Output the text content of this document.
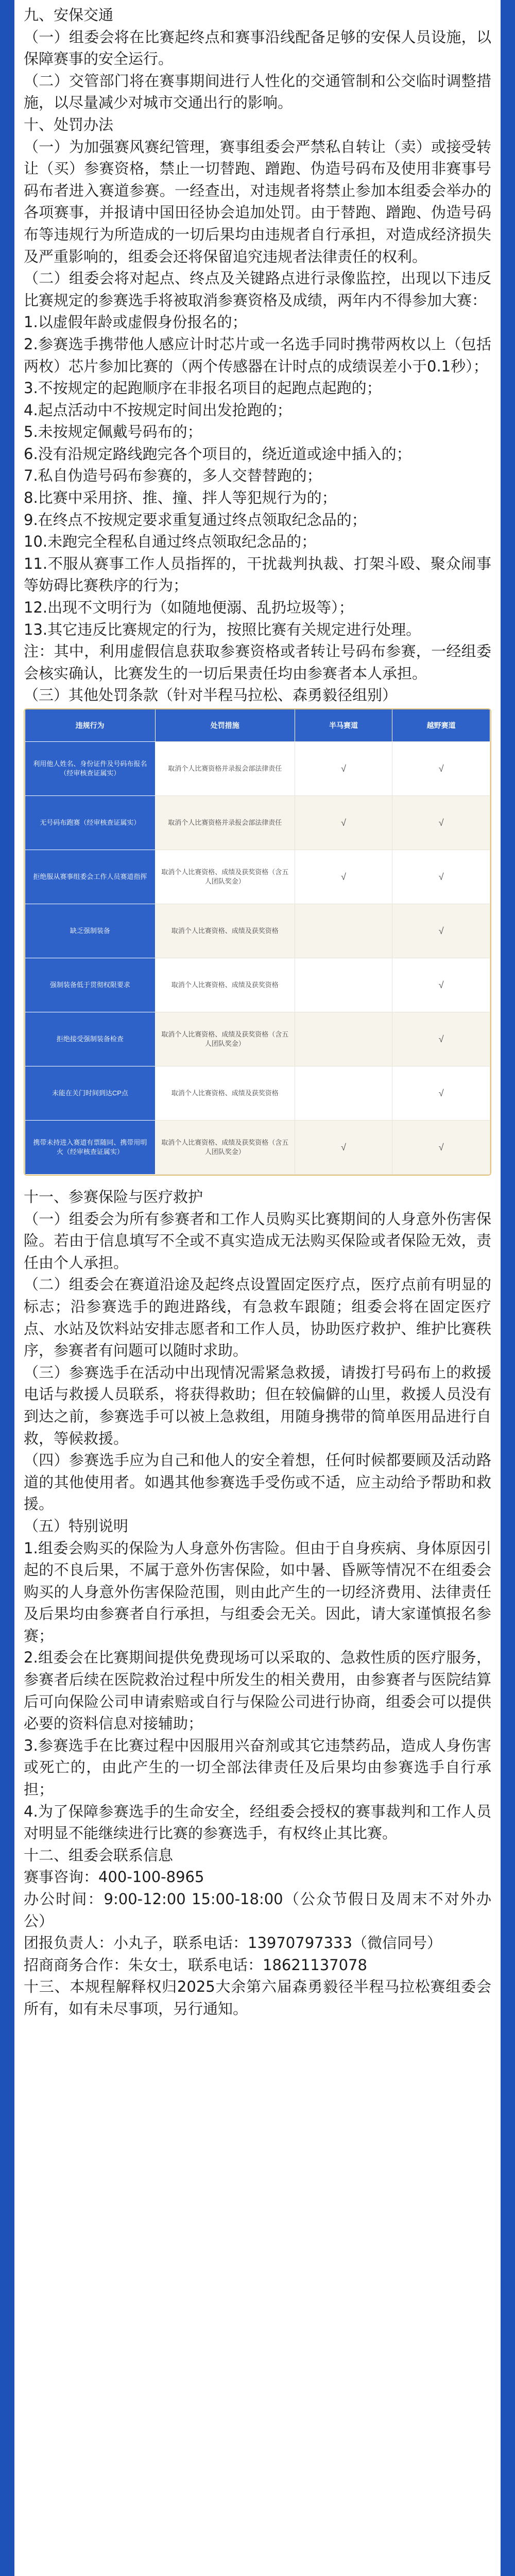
九、安保交通

（一）组委会将在比赛起终点和赛事沿线配备足够的安保人员设施，以保障赛事的安全运行。

（二）交管部门将在赛事期间进行人性化的交通管制和公交临时调整措施，以尽量减少对城市交通出行的影响。

十、处罚办法

（一）为加强赛风赛纪管理，赛事组委会严禁私自转让（卖）或接受转让（买）参赛资格，禁止一切替跑、蹭跑、伪造号码布及使用非赛事号码布者进入赛道参赛。一经查出，对违规者将禁止参加本组委会举办的各项赛事，并报请中国田径协会追加处罚。由于替跑、蹭跑、伪造号码布等违规行为所造成的一切后果均由违规者自行承担，对造成经济损失及严重影响的，组委会还将保留追究违规者法律责任的权利。

（二）组委会将对起点、终点及关键路点进行录像监控，出现以下违反比赛规定的参赛选手将被取消参赛资格及成绩，两年内不得参加大赛：

1.以虚假年龄或虚假身份报名的；

2.参赛选手携带他人感应计时芯片或一名选手同时携带两枚以上（包括两枚）芯片参加比赛的（两个传感器在计时点的成绩误差小于0.1秒）；

3.不按规定的起跑顺序在非报名项目的起跑点起跑的；

4.起点活动中不按规定时间出发抢跑的；

5.未按规定佩戴号码布的；

6.没有沿规定路线跑完各个项目的，绕近道或途中插入的；

7.私自伪造号码布参赛的，多人交替替跑的；

8.比赛中采用挤、推、撞、拌人等犯规行为的；

9.在终点不按规定要求重复通过终点领取纪念品的；

10.未跑完全程私自通过终点领取纪念品的；

11.不服从赛事工作人员指挥的，干扰裁判执裁、打架斗殴、聚众闹事等妨碍比赛秩序的行为；

12.出现不文明行为（如随地便溺、乱扔垃圾等）；

13.其它违反比赛规定的行为，按照比赛有关规定进行处理。

注：其中，利用虚假信息获取参赛资格或者转让号码布参赛，一经组委会核实确认，比赛发生的一切后果责任均由参赛者本人承担。

（三）其他处罚条款（针对半程马拉松、森勇毅径组别）

违规行为	处罚措施	半马赛道	越野赛道
利用他人姓名、身份证件及号码布报名（经审核查证属实）	取消个人比赛资格并录报会部法律责任	√	√
无号码布跑赛（经审核查证属实）	取消个人比赛资格并录报会部法律责任	√	√
拒绝服从赛事组委会工作人员赛道指挥	取消个人比赛资格、成绩及获奖资格（含五人团队奖金）	√	√
缺乏强制装备	取消个人比赛资格、成绩及获奖资格		√
强制装备低于贯彻权限要求	取消个人比赛资格、成绩及获奖资格		√
拒绝接受强制装备检查	取消个人比赛资格、成绩及获奖资格（含五人团队奖金）		√
未能在关门时间到达CP点	取消个人比赛资格、成绩及获奖资格		√
携带未持进入赛道有票随同、携带用明火（经审核查证属实）	取消个人比赛资格、成绩及获奖资格（含五人团队奖金）	√	√

十一、参赛保险与医疗救护

（一）组委会为所有参赛者和工作人员购买比赛期间的人身意外伤害保险。若由于信息填写不全或不真实造成无法购买保险或者保险无效，责任由个人承担。

（二）组委会在赛道沿途及起终点设置固定医疗点，医疗点前有明显的标志；沿参赛选手的跑进路线，有急救车跟随；组委会将在固定医疗点、水站及饮料站安排志愿者和工作人员，协助医疗救护、维护比赛秩序，参赛者有问题可以随时求助。

（三）参赛选手在活动中出现情况需紧急救援，请拨打号码布上的救援电话与救援人员联系，将获得救助；但在较偏僻的山里，救援人员没有到达之前，参赛选手可以被上急救组，用随身携带的简单医用品进行自救，等候救援。

（四）参赛选手应为自己和他人的安全着想，任何时候都要顾及活动路道的其他使用者。如遇其他参赛选手受伤或不适，应主动给予帮助和救援。

（五）特别说明

1.组委会购买的保险为人身意外伤害险。但由于自身疾病、身体原因引起的不良后果，不属于意外伤害保险，如中暑、昏厥等情况不在组委会购买的人身意外伤害保险范围，则由此产生的一切经济费用、法律责任及后果均由参赛者自行承担，与组委会无关。因此，请大家谨慎报名参赛；

2.组委会在比赛期间提供免费现场可以采取的、急救性质的医疗服务，参赛者后续在医院救治过程中所发生的相关费用，由参赛者与医院结算后可向保险公司申请索赔或自行与保险公司进行协商，组委会可以提供必要的资料信息对接辅助；

3.参赛选手在比赛过程中因服用兴奋剂或其它违禁药品，造成人身伤害或死亡的，由此产生的一切全部法律责任及后果均由参赛选手自行承担；

4.为了保障参赛选手的生命安全，经组委会授权的赛事裁判和工作人员对明显不能继续进行比赛的参赛选手，有权终止其比赛。

十二、组委会联系信息

赛事咨询：400-100-8965

办公时间：9:00-12:00 15:00-18:00（公众节假日及周末不对外办公）

团报负责人：小丸子，联系电话：13970797333（微信同号）

招商商务合作：朱女士，联系电话：18621137078

十三、本规程解释权归2025大余第六届森勇毅径半程马拉松赛组委会所有，如有未尽事项，另行通知。
